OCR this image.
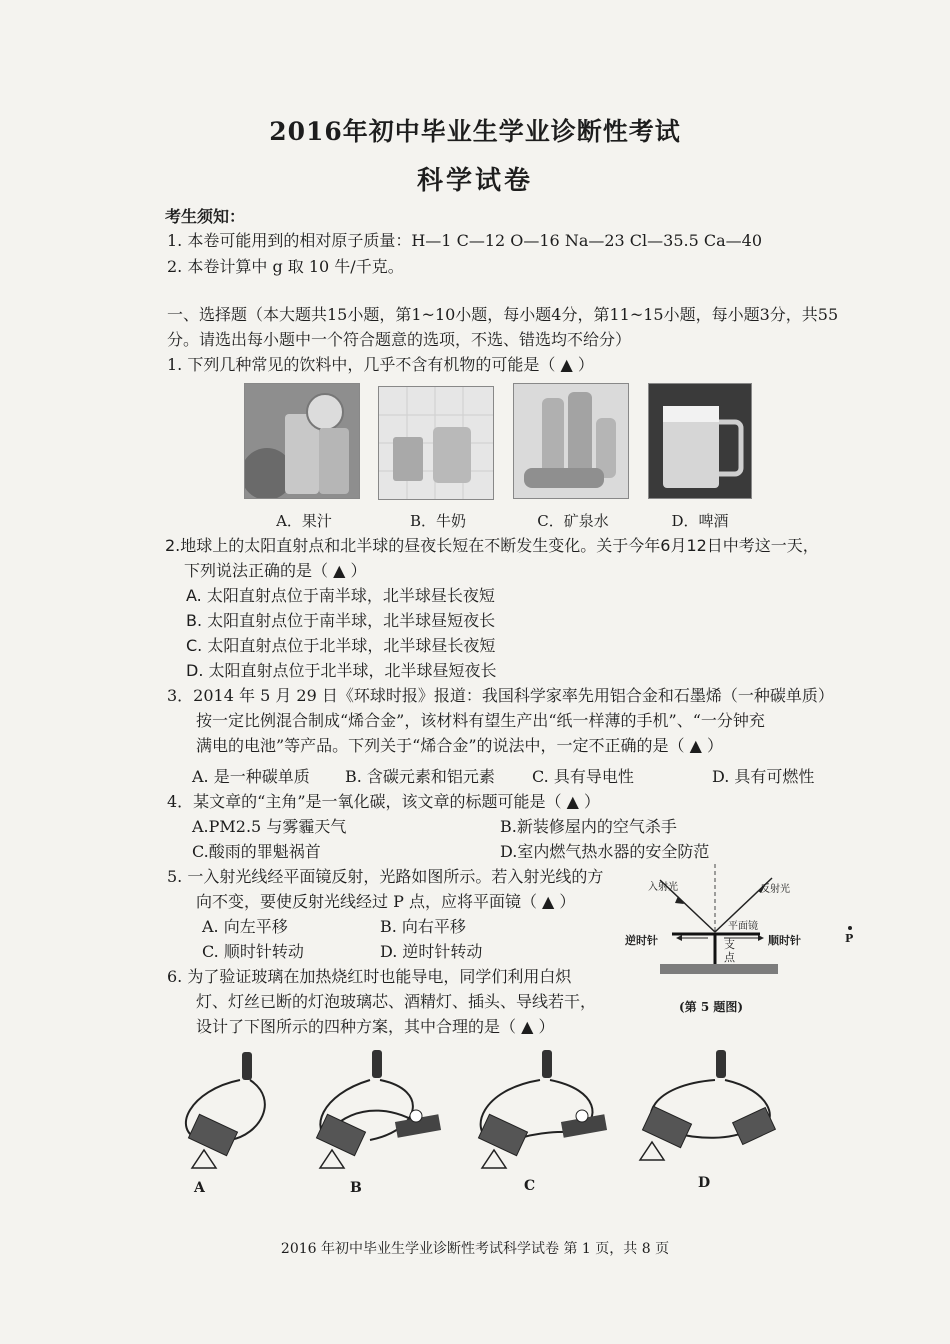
2016年初中毕业生学业诊断性考试
科学试卷
考生须知：
1. 本卷可能用到的相对原子质量：H—1 C—12 O—16 Na—23 Cl—35.5 Ca—40
2. 本卷计算中 g 取 10 牛/千克。
一、选择题（本大题共15小题，第1~10小题，每小题4分，第11~15小题，每小题3分，共55
分。请选出每小题中一个符合题意的选项，不选、错选均不给分）
1. 下列几种常见的饮料中，几乎不含有机物的可能是（ ▲ ）
A．果汁	B．牛奶	C．矿泉水	D．啤酒
2.地球上的太阳直射点和北半球的昼夜长短在不断发生变化。关于今年6月12日中考这一天，
下列说法正确的是（ ▲ ）
A. 太阳直射点位于南半球，北半球昼长夜短
B. 太阳直射点位于南半球，北半球昼短夜长
C. 太阳直射点位于北半球，北半球昼长夜短
D. 太阳直射点位于北半球，北半球昼短夜长
3．2014 年 5 月 29 日《环球时报》报道：我国科学家率先用铝合金和石墨烯（一种碳单质）
按一定比例混合制成“烯合金”，该材料有望生产出“纸一样薄的手机”、“一分钟充
满电的电池”等产品。下列关于“烯合金”的说法中，一定不正确的是（ ▲ ）
A. 是一种碳单质 B. 含碳元素和铝元素 C. 具有导电性	D. 具有可燃性
4．某文章的“主角”是一氧化碳，该文章的标题可能是（ ▲ ）
A.PM2.5 与雾霾天气	B.新装修屋内的空气杀手
C.酸雨的罪魁祸首	D.室内燃气热水器的安全防范
5. 一入射光线经平面镜反射，光路如图所示。若入射光线的方
向不变，要使反射光线经过 P 点，应将平面镜（ ▲ ）
A. 向左平移	B. 向右平移
C. 顺时针转动	D. 逆时针转动
入射光	反射光
平面镜
逆时针	顺时针
支
点
P
(第 5 题图)
6. 为了验证玻璃在加热烧红时也能导电，同学们利用白炽
灯、灯丝已断的灯泡玻璃芯、酒精灯、插头、导线若干，
设计了下图所示的四种方案，其中合理的是（ ▲ ）
A	B	C	D
2016 年初中毕业生学业诊断性考试科学试卷 第 1 页，共 8 页
